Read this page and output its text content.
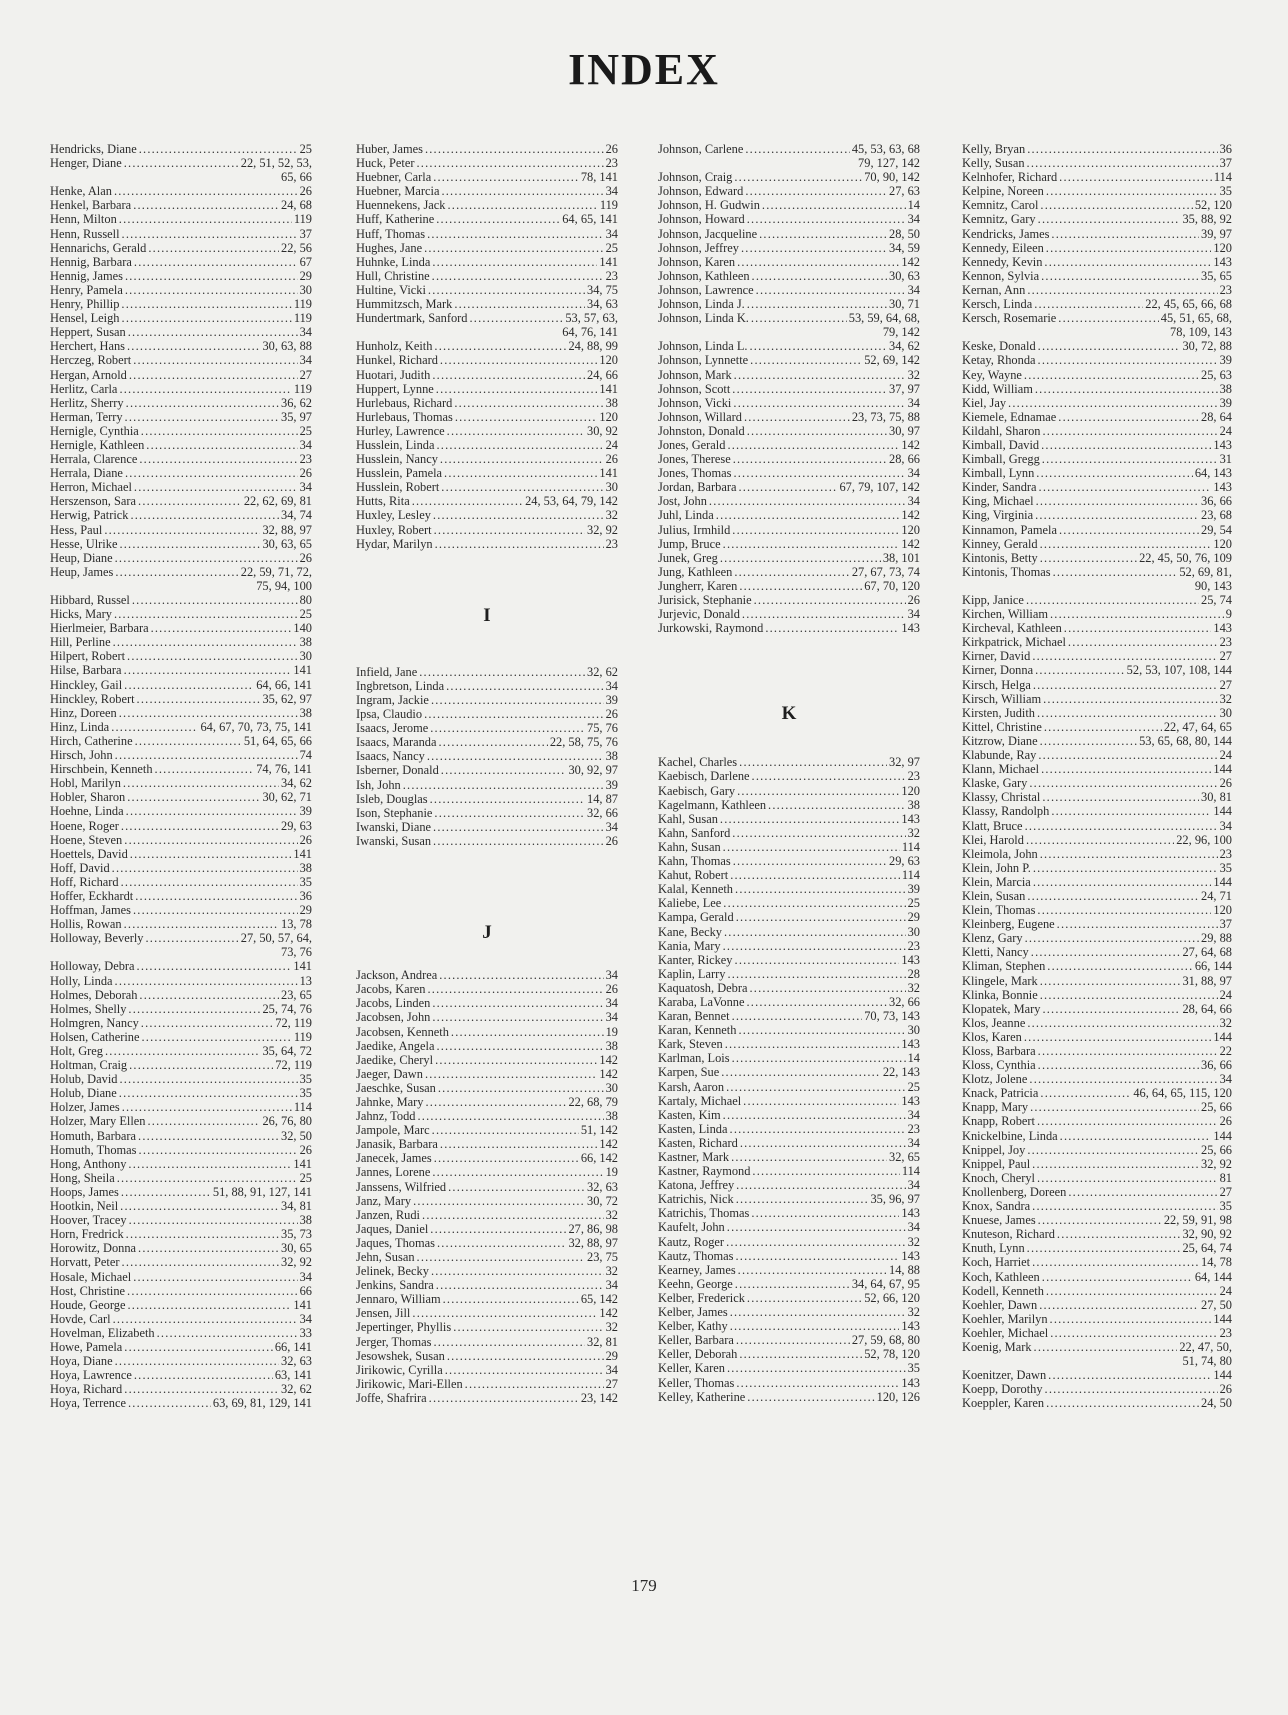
INDEX
Hendricks, Diane .....	25
Henger, Diane .....	22, 51, 52, 53,
65, 66
Henke, Alan .....	26
Henkel, Barbara .....	24, 68
Henn, Milton .....	119
Henn, Russell .....	37
Hennarichs, Gerald .....	22, 56
Hennig, Barbara .....	67
Hennig, James .....	29
Henry, Pamela .....	30
Henry, Phillip .....	119
Hensel, Leigh .....	119
Heppert, Susan .....	34
Herchert, Hans .....	30, 63, 88
Herczeg, Robert .....	34
Hergan, Arnold .....	27
Herlitz, Carla .....	119
Herlitz, Sherry .....	36, 62
Herman, Terry .....	35, 97
Hernigle, Cynthia .....	25
Hernigle, Kathleen .....	34
Herrala, Clarence .....	23
Herrala, Diane .....	26
Herron, Michael .....	34
Herszenson, Sara .....	22, 62, 69, 81
Herwig, Patrick .....	34, 74
Hess, Paul .....	32, 88, 97
Hesse, Ulrike .....	30, 63, 65
Heup, Diane .....	26
Heup, James .....	22, 59, 71, 72,
75, 94, 100
Hibbard, Russel .....	80
Hicks, Mary .....	25
Hierlmeier, Barbara .....	140
Hill, Perline .....	38
Hilpert, Robert .....	30
Hilse, Barbara .....	141
Hinckley, Gail .....	64, 66, 141
Hinckley, Robert .....	35, 62, 97
Hinz, Doreen .....	38
Hinz, Linda .....	64, 67, 70, 73, 75, 141
Hirch, Catherine .....	51, 64, 65, 66
Hirsch, John .....	74
Hirschbein, Kenneth .....	74, 76, 141
Hobl, Marilyn .....	34, 62
Hobler, Sharon .....	30, 62, 71
Hoehne, Linda .....	39
Hoene, Roger .....	29, 63
Hoene, Steven .....	26
Hoettels, David .....	141
Hoff, David .....	38
Hoff, Richard .....	35
Hoffer, Eckhardt .....	36
Hoffman, James .....	29
Hollis, Rowan .....	13, 78
Holloway, Beverly .....	27, 50, 57, 64,
73, 76
Holloway, Debra .....	141
Holly, Linda .....	13
Holmes, Deborah .....	23, 65
Holmes, Shelly .....	25, 74, 76
Holmgren, Nancy .....	72, 119
Holsen, Catherine .....	119
Holt, Greg .....	35, 64, 72
Holtman, Craig .....	72, 119
Holub, David .....	35
Holub, Diane .....	35
Holzer, James .....	114
Holzer, Mary Ellen .....	26, 76, 80
Homuth, Barbara .....	32, 50
Homuth, Thomas .....	26
Hong, Anthony .....	141
Hong, Sheila .....	25
Hoops, James .....	51, 88, 91, 127, 141
Hootkin, Neil .....	34, 81
Hoover, Tracey .....	38
Horn, Fredrick .....	35, 73
Horowitz, Donna .....	30, 65
Horvatt, Peter .....	32, 92
Hosale, Michael .....	34
Host, Christine .....	66
Houde, George .....	141
Hovde, Carl .....	34
Hovelman, Elizabeth .....	33
Howe, Pamela .....	66, 141
Hoya, Diane .....	32, 63
Hoya, Lawrence .....	63, 141
Hoya, Richard .....	32, 62
Hoya, Terrence .....	63, 69, 81, 129, 141
Huber, James .....	26
Huck, Peter .....	23
Huebner, Carla .....	78, 141
Huebner, Marcia .....	34
Huennekens, Jack .....	119
Huff, Katherine .....	64, 65, 141
Huff, Thomas .....	34
Hughes, Jane .....	25
Huhnke, Linda .....	141
Hull, Christine .....	23
Hultine, Vicki .....	34, 75
Hummitzsch, Mark .....	34, 63
Hundertmark, Sanford .....	53, 57, 63,
64, 76, 141
Hunholz, Keith .....	24, 88, 99
Hunkel, Richard .....	120
Huotari, Judith .....	24, 66
Huppert, Lynne .....	141
Hurlebaus, Richard .....	38
Hurlebaus, Thomas .....	120
Hurley, Lawrence .....	30, 92
Husslein, Linda .....	24
Husslein, Nancy .....	26
Husslein, Pamela .....	141
Husslein, Robert .....	30
Hutts, Rita .....	24, 53, 64, 79, 142
Huxley, Lesley .....	32
Huxley, Robert .....	32, 92
Hydar, Marilyn .....	23
I
Infield, Jane .....	32, 62
Ingbretson, Linda .....	34
Ingram, Jackie .....	39
Ipsa, Claudio .....	26
Isaacs, Jerome .....	75, 76
Isaacs, Maranda .....	22, 58, 75, 76
Isaacs, Nancy .....	38
Isberner, Donald .....	30, 92, 97
Ish, John .....	39
Isleb, Douglas .....	14, 87
Ison, Stephanie .....	32, 66
Iwanski, Diane .....	34
Iwanski, Susan .....	26
J
Jackson, Andrea .....	34
Jacobs, Karen .....	26
Jacobs, Linden .....	34
Jacobsen, John .....	34
Jacobsen, Kenneth .....	19
Jaedike, Angela .....	38
Jaedike, Cheryl .....	142
Jaeger, Dawn .....	142
Jaeschke, Susan .....	30
Jahnke, Mary .....	22, 68, 79
Jahnz, Todd .....	38
Jampole, Marc .....	51, 142
Janasik, Barbara .....	142
Janecek, James .....	66, 142
Jannes, Lorene .....	19
Janssens, Wilfried .....	32, 63
Janz, Mary .....	30, 72
Janzen, Rudi .....	32
Jaques, Daniel .....	27, 86, 98
Jaques, Thomas .....	32, 88, 97
Jehn, Susan .....	23, 75
Jelinek, Becky .....	32
Jenkins, Sandra .....	34
Jennaro, William .....	65, 142
Jensen, Jill .....	142
Jepertinger, Phyllis .....	32
Jerger, Thomas .....	32, 81
Jesowshek, Susan .....	29
Jirikowic, Cyrilla .....	34
Jirikowic, Mari-Ellen .....	27
Joffe, Shafrira .....	23, 142
Johnson, Carlene .....	45, 53, 63, 68
79, 127, 142
Johnson, Craig .....	70, 90, 142
Johnson, Edward .....	27, 63
Johnson, H. Gudwin .....	14
Johnson, Howard .....	34
Johnson, Jacqueline .....	28, 50
Johnson, Jeffrey .....	34, 59
Johnson, Karen .....	142
Johnson, Kathleen .....	30, 63
Johnson, Lawrence .....	34
Johnson, Linda J. .....	30, 71
Johnson, Linda K. .....	53, 59, 64, 68,
79, 142
Johnson, Linda L. .....	34, 62
Johnson, Lynnette .....	52, 69, 142
Johnson, Mark .....	32
Johnson, Scott .....	37, 97
Johnson, Vicki .....	34
Johnson, Willard .....	23, 73, 75, 88
Johnston, Donald .....	30, 97
Jones, Gerald .....	142
Jones, Therese .....	28, 66
Jones, Thomas .....	34
Jordan, Barbara .....	67, 79, 107, 142
Jost, John .....	34
Juhl, Linda .....	142
Julius, Irmhild .....	120
Jump, Bruce .....	142
Junek, Greg .....	38, 101
Jung, Kathleen .....	27, 67, 73, 74
Jungherr, Karen .....	67, 70, 120
Jurisick, Stephanie .....	26
Jurjevic, Donald .....	34
Jurkowski, Raymond .....	143
K
Kachel, Charles .....	32, 97
Kaebisch, Darlene .....	23
Kaebisch, Gary .....	120
Kagelmann, Kathleen .....	38
Kahl, Susan .....	143
Kahn, Sanford .....	32
Kahn, Susan .....	114
Kahn, Thomas .....	29, 63
Kahut, Robert .....	114
Kalal, Kenneth .....	39
Kaliebe, Lee .....	25
Kampa, Gerald .....	29
Kane, Becky .....	30
Kania, Mary .....	23
Kanter, Rickey .....	143
Kaplin, Larry .....	28
Kaquatosh, Debra .....	32
Karaba, LaVonne .....	32, 66
Karan, Bennet .....	70, 73, 143
Karan, Kenneth .....	30
Kark, Steven .....	143
Karlman, Lois .....	14
Karpen, Sue .....	22, 143
Karsh, Aaron .....	25
Kartaly, Michael .....	143
Kasten, Kim .....	34
Kasten, Linda .....	23
Kasten, Richard .....	34
Kastner, Mark .....	32, 65
Kastner, Raymond .....	114
Katona, Jeffrey .....	34
Katrichis, Nick .....	35, 96, 97
Katrichis, Thomas .....	143
Kaufelt, John .....	34
Kautz, Roger .....	32
Kautz, Thomas .....	143
Kearney, James .....	14, 88
Keehn, George .....	34, 64, 67, 95
Kelber, Frederick .....	52, 66, 120
Kelber, James .....	32
Kelber, Kathy .....	143
Keller, Barbara .....	27, 59, 68, 80
Keller, Deborah .....	52, 78, 120
Keller, Karen .....	35
Keller, Thomas .....	143
Kelley, Katherine .....	120, 126
Kelly, Bryan .....	36
Kelly, Susan .....	37
Kelnhofer, Richard .....	114
Kelpine, Noreen .....	35
Kemnitz, Carol .....	52, 120
Kemnitz, Gary .....	35, 88, 92
Kendricks, James .....	39, 97
Kennedy, Eileen .....	120
Kennedy, Kevin .....	143
Kennon, Sylvia .....	35, 65
Kernan, Ann .....	23
Kersch, Linda .....	22, 45, 65, 66, 68
Kersch, Rosemarie .....	45, 51, 65, 68,
78, 109, 143
Keske, Donald .....	30, 72, 88
Ketay, Rhonda .....	39
Key, Wayne .....	25, 63
Kidd, William .....	38
Kiel, Jay .....	39
Kiemele, Ednamae .....	28, 64
Kildahl, Sharon .....	24
Kimball, David .....	143
Kimball, Gregg .....	31
Kimball, Lynn .....	64, 143
Kinder, Sandra .....	143
King, Michael .....	36, 66
King, Virginia .....	23, 68
Kinnamon, Pamela .....	29, 54
Kinney, Gerald .....	120
Kintonis, Betty .....	22, 45, 50, 76, 109
Kintonis, Thomas .....	52, 69, 81,
90, 143
Kipp, Janice .....	25, 74
Kirchen, William .....	9
Kircheval, Kathleen .....	143
Kirkpatrick, Michael .....	23
Kirner, David .....	27
Kirner, Donna .....	52, 53, 107, 108, 144
Kirsch, Helga .....	27
Kirsch, William .....	32
Kirsten, Judith .....	30
Kittel, Christine .....	22, 47, 64, 65
Kitzrow, Diane .....	53, 65, 68, 80, 144
Klabunde, Ray .....	24
Klann, Michael .....	144
Klaske, Gary .....	26
Klassy, Christal .....	30, 81
Klassy, Randolph .....	144
Klatt, Bruce .....	34
Klei, Harold .....	22, 96, 100
Kleimola, John .....	23
Klein, John P. .....	35
Klein, Marcia .....	144
Klein, Susan .....	24, 71
Klein, Thomas .....	120
Kleinberg, Eugene .....	37
Klenz, Gary .....	29, 88
Kletti, Nancy .....	27, 64, 68
Kliman, Stephen .....	66, 144
Klingele, Mark .....	31, 88, 97
Klinka, Bonnie .....	24
Klopatek, Mary .....	28, 64, 66
Klos, Jeanne .....	32
Klos, Karen .....	144
Kloss, Barbara .....	22
Kloss, Cynthia .....	36, 66
Klotz, Jolene .....	34
Knack, Patricia .....	46, 64, 65, 115, 120
Knapp, Mary .....	25, 66
Knapp, Robert .....	26
Knickelbine, Linda .....	144
Knippel, Joy .....	25, 66
Knippel, Paul .....	32, 92
Knoch, Cheryl .....	81
Knollenberg, Doreen .....	27
Knox, Sandra .....	35
Knuese, James .....	22, 59, 91, 98
Knuteson, Richard .....	32, 90, 92
Knuth, Lynn .....	25, 64, 74
Koch, Harriet .....	14, 78
Koch, Kathleen .....	64, 144
Kodell, Kenneth .....	24
Koehler, Dawn .....	27, 50
Koehler, Marilyn .....	144
Koehler, Michael .....	23
Koenig, Mark .....	22, 47, 50,
51, 74, 80
Koenitzer, Dawn .....	144
Koepp, Dorothy .....	26
Koeppler, Karen .....	24, 50
179
